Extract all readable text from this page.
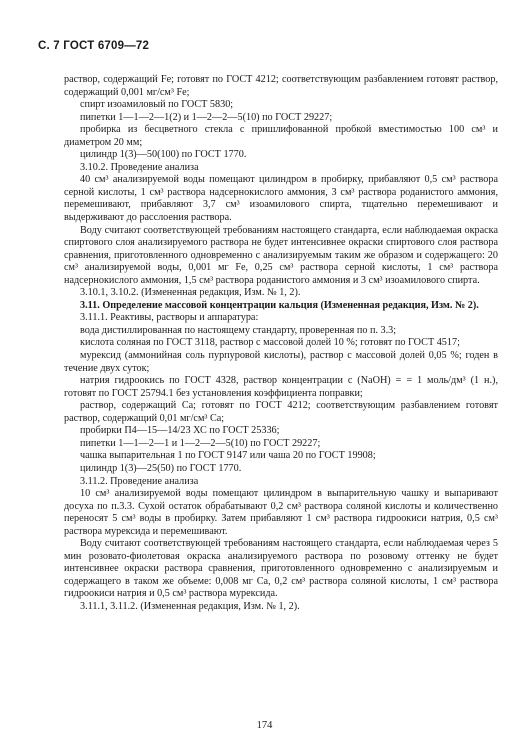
С. 7 ГОСТ 6709—72

раствор, содержащий Fe; готовят по ГОСТ 4212; соответствующим разбавлением готовят раствор, содержащий 0,001 мг/см³ Fe;

спирт изоамиловый по ГОСТ 5830;

пипетки 1—1—2—1(2) и 1—2—2—5(10) по ГОСТ 29227;

пробирка из бесцветного стекла с пришлифованной пробкой вместимостью 100 см³ и диаметром 20 мм;

цилиндр 1(3)—50(100) по ГОСТ 1770.

3.10.2. Проведение анализа

40 см³ анализируемой воды помещают цилиндром в пробирку, прибавляют 0,5 см³ раствора серной кислоты, 1 см³ раствора надсернокислого аммония, 3 см³ раствора роданистого аммония, перемешивают, прибавляют 3,7 см³ изоамилового спирта, тщательно перемешивают и выдерживают до расслоения раствора.

Воду считают соответствующей требованиям настоящего стандарта, если наблюдаемая окраска спиртового слоя анализируемого раствора не будет интенсивнее окраски спиртового слоя раствора сравнения, приготовленного одновременно с анализируемым таким же образом и содержащего: 20 см³ анализируемой воды, 0,001 мг Fe, 0,25 см³ раствора серной кислоты, 1 см³ раствора надсернокислого аммония, 1,5 см³ раствора роданистого аммония и 3 см³ изоамилового спирта.

3.10.1, 3.10.2. (Измененная редакция, Изм. № 1, 2).

3.11. Определение массовой концентрации кальция (Измененная редакция, Изм. № 2).

3.11.1. Реактивы, растворы и аппаратура:

вода дистиллированная по настоящему стандарту, проверенная по п. 3.3;

кислота соляная по ГОСТ 3118, раствор с массовой долей 10 %; готовят по ГОСТ 4517;

мурексид (аммонийная соль пурпуровой кислоты), раствор с массовой долей 0,05 %; годен в течение двух суток;

натрия гидроокись по ГОСТ 4328, раствор концентрации c (NaOH) = = 1 моль/дм³ (1 н.), готовят по ГОСТ 25794.1 без установления коэффициента поправки;

раствор, содержащий Са; готовят по ГОСТ 4212; соответствующим разбавлением готовят раствор, содержащий 0,01 мг/см³ Са;

пробирки П4—15—14/23 ХС по ГОСТ 25336;

пипетки 1—1—2—1 и 1—2—2—5(10) по ГОСТ 29227;

чашка выпарительная 1 по ГОСТ 9147 или чаша 20 по ГОСТ 19908;

цилиндр 1(3)—25(50) по ГОСТ 1770.

3.11.2. Проведение анализа

10 см³ анализируемой воды помещают цилиндром в выпарительную чашку и выпаривают досуха по п.3.3. Сухой остаток обрабатывают 0,2 см³ раствора соляной кислоты и количественно переносят 5 см³ воды в пробирку. Затем прибавляют 1 см³ раствора гидроокиси натрия, 0,5 см³ раствора мурексида и перемешивают.

Воду считают соответствующей требованиям настоящего стандарта, если наблюдаемая через 5 мин розовато-фиолетовая окраска анализируемого раствора по розовому оттенку не будет интенсивнее окраски раствора сравнения, приготовленного одновременно с анализируемым и содержащего в таком же объеме: 0,008 мг Са, 0,2 см³ раствора соляной кислоты, 1 см³ раствора гидроокиси натрия и 0,5 см³ раствора мурексида.

3.11.1, 3.11.2. (Измененная редакция, Изм. № 1, 2).

174
